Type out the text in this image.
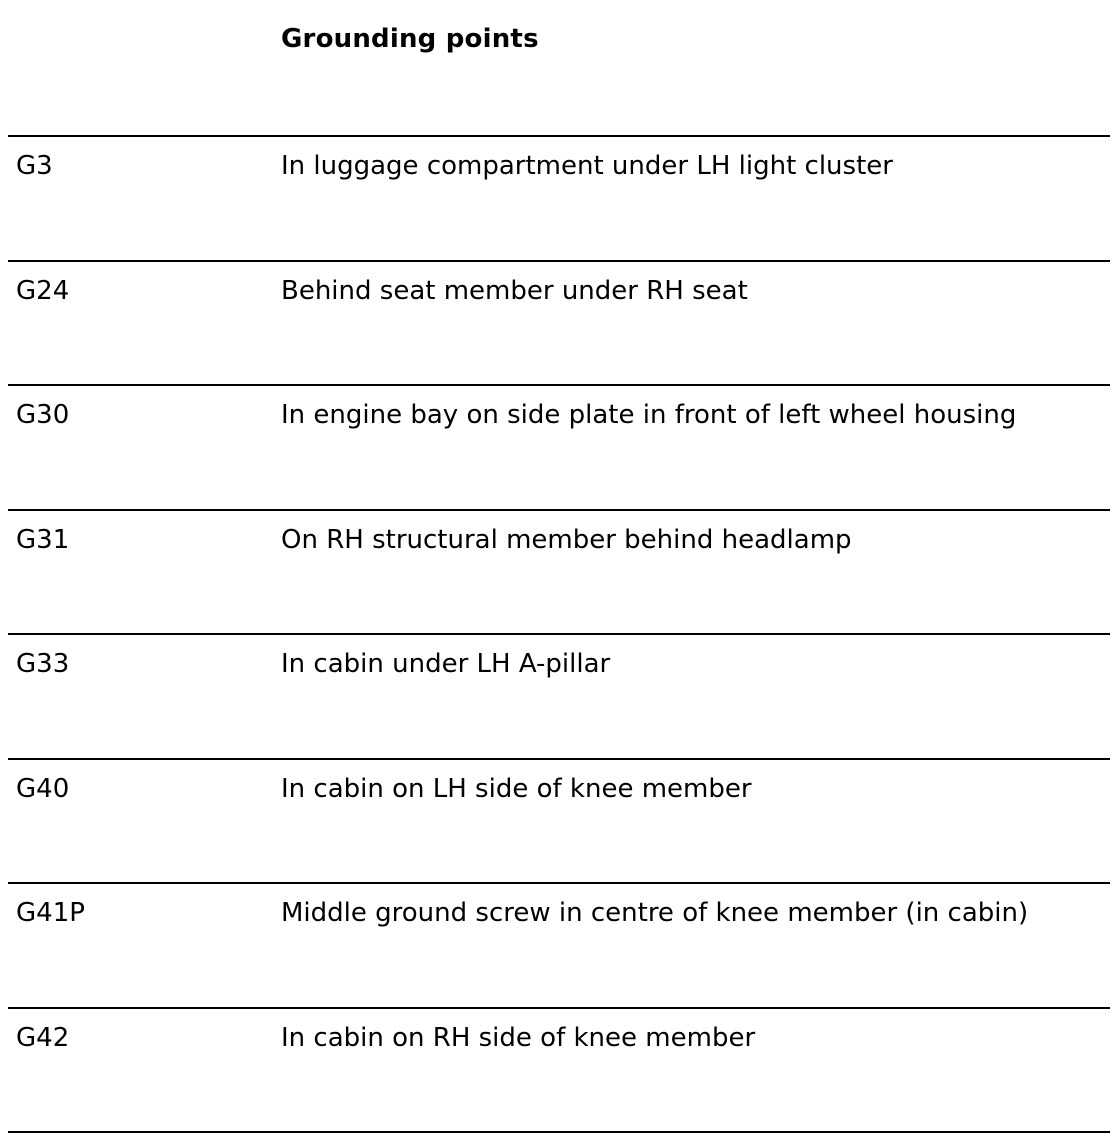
Grounding points
G3	In luggage compartment under LH light cluster
G24	Behind seat member under RH seat
G30	In engine bay on side plate in front of left wheel housing
G31	On RH structural member behind headlamp
G33	In cabin under LH A-pillar
G40	In cabin on LH side of knee member
G41P	Middle ground screw in centre of knee member (in cabin)
G42	In cabin on RH side of knee member
